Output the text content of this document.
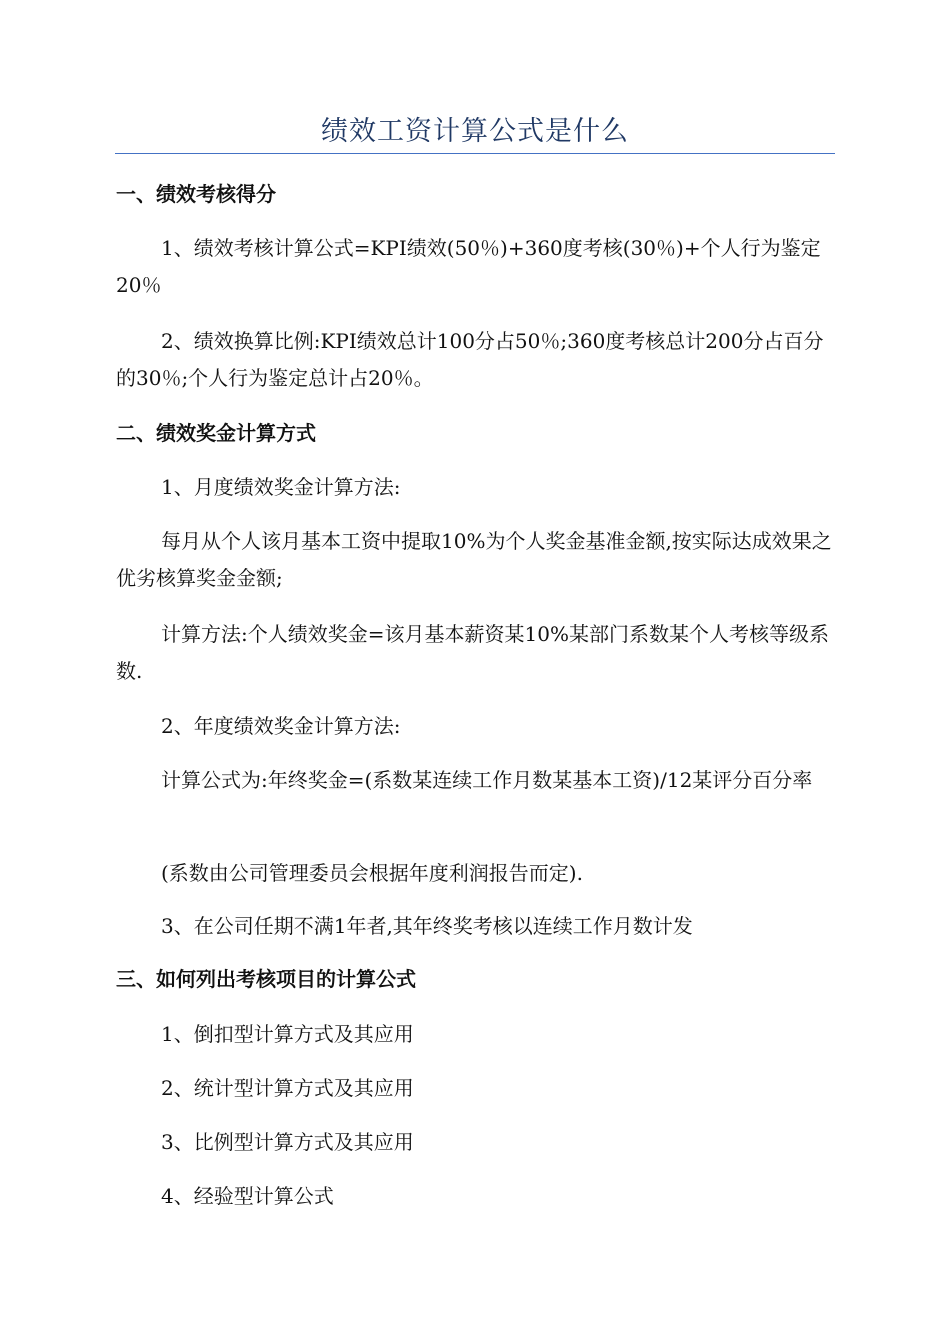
绩效工资计算公式是什么
一、绩效考核得分

1、绩效考核计算公式=KPI绩效(50％)+360度考核(30％)+个人行为鉴定20％

2、绩效换算比例:KPI绩效总计100分占50％;360度考核总计200分占百分的30％;个人行为鉴定总计占20％。

二、绩效奖金计算方式

1、月度绩效奖金计算方法:

每月从个人该月基本工资中提取10%为个人奖金基准金额,按实际达成效果之优劣核算奖金金额;

计算方法:个人绩效奖金=该月基本薪资某10%某部门系数某个人考核等级系数.

2、年度绩效奖金计算方法:

计算公式为:年终奖金=(系数某连续工作月数某基本工资)/12某评分百分率

(系数由公司管理委员会根据年度利润报告而定).

3、在公司任期不满1年者,其年终奖考核以连续工作月数计发

三、如何列出考核项目的计算公式

1、倒扣型计算方式及其应用

2、统计型计算方式及其应用

3、比例型计算方式及其应用

4、经验型计算公式
